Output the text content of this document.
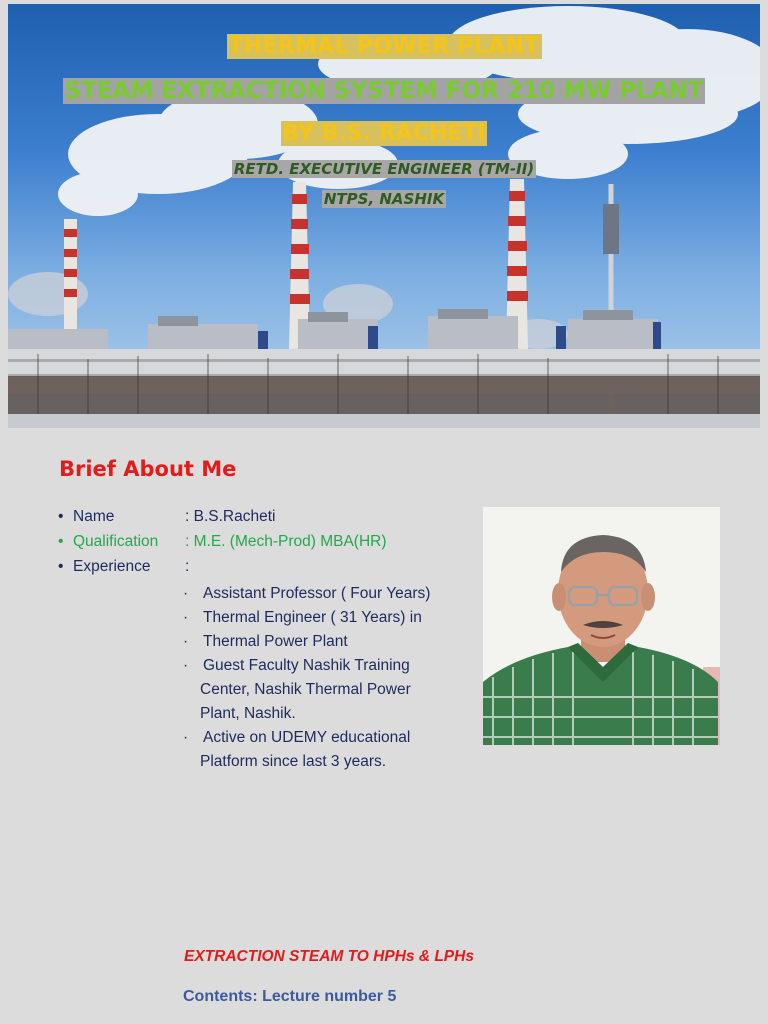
THERMAL POWER PLANT
STEAM EXTRACTION SYSTEM FOR 210 MW PLANT
BY B.S. RACHETI
RETD. EXECUTIVE ENGINEER (TM-II)
NTPS, NASHIK
Brief About Me
• Name	: B.S.Racheti
• Qualification : M.E. (Mech-Prod) MBA(HR)
• Experience :
· Assistant Professor ( Four Years)
· Thermal Engineer ( 31 Years) in
· Thermal Power Plant
· Guest Faculty Nashik Training
Center, Nashik Thermal Power
Plant, Nashik.
· Active on UDEMY educational
Platform since last 3 years.
EXTRACTION STEAM TO HPHs & LPHs
Contents: Lecture number 5
